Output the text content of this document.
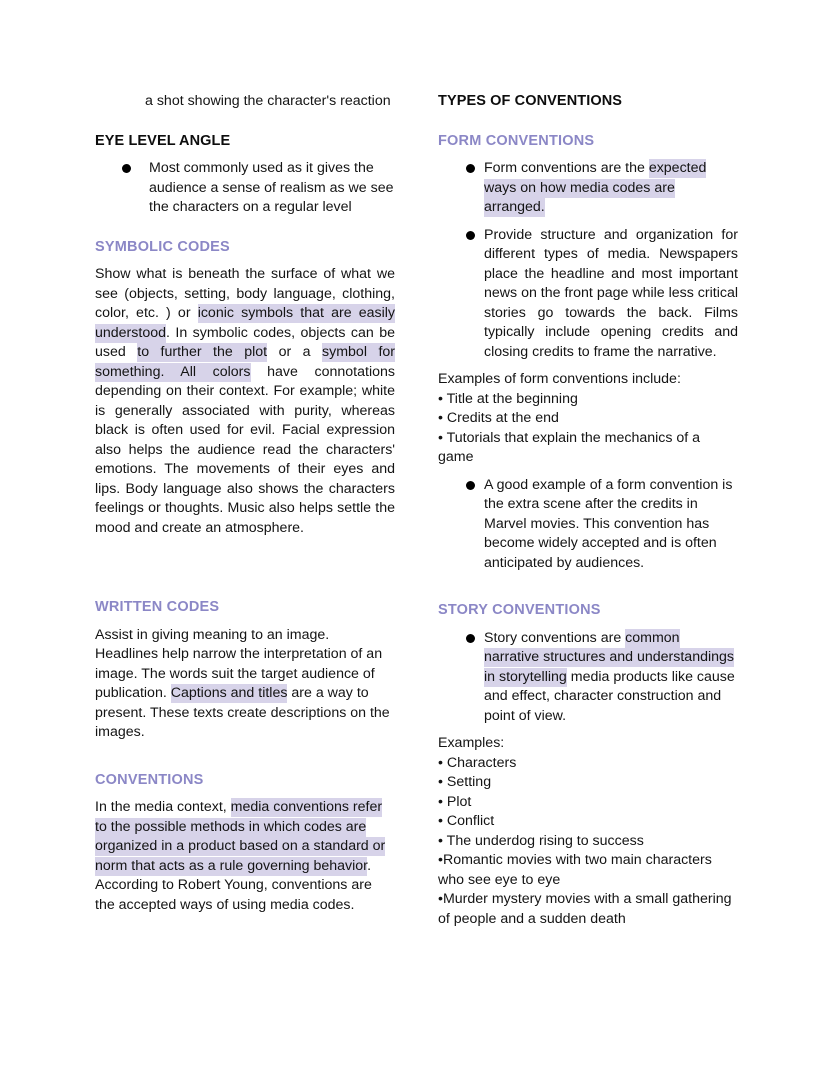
a shot showing the character's reaction
EYE LEVEL ANGLE
Most commonly used as it gives the audience a sense of realism as we see the characters on a regular level
SYMBOLIC CODES
Show what is beneath the surface of what we see (objects, setting, body language, clothing, color, etc. ) or iconic symbols that are easily understood. In symbolic codes, objects can be used to further the plot or a symbol for something. All colors have connotations depending on their context. For example; white is generally associated with purity, whereas black is often used for evil. Facial expression also helps the audience read the characters' emotions. The movements of their eyes and lips. Body language also shows the characters feelings or thoughts. Music also helps settle the mood and create an atmosphere.
WRITTEN CODES
Assist in giving meaning to an image. Headlines help narrow the interpretation of an image. The words suit the target audience of publication. Captions and titles are a way to present. These texts create descriptions on the images.
CONVENTIONS
In the media context, media conventions refer to the possible methods in which codes are organized in a product based on a standard or norm that acts as a rule governing behavior.
According to Robert Young, conventions are the accepted ways of using media codes.
TYPES OF CONVENTIONS
FORM CONVENTIONS
Form conventions are the expected ways on how media codes are arranged.
Provide structure and organization for different types of media. Newspapers place the headline and most important news on the front page while less critical stories go towards the back. Films typically include opening credits and closing credits to frame the narrative.
Examples of form conventions include:
• Title at the beginning
• Credits at the end
• Tutorials that explain the mechanics of a game
A good example of a form convention is the extra scene after the credits in Marvel movies. This convention has become widely accepted and is often anticipated by audiences.
STORY CONVENTIONS
Story conventions are common narrative structures and understandings in storytelling media products like cause and effect, character construction and point of view.
Examples:
• Characters
• Setting
• Plot
• Conflict
• The underdog rising to success
•Romantic movies with two main characters who see eye to eye
•Murder mystery movies with a small gathering of people and a sudden death
